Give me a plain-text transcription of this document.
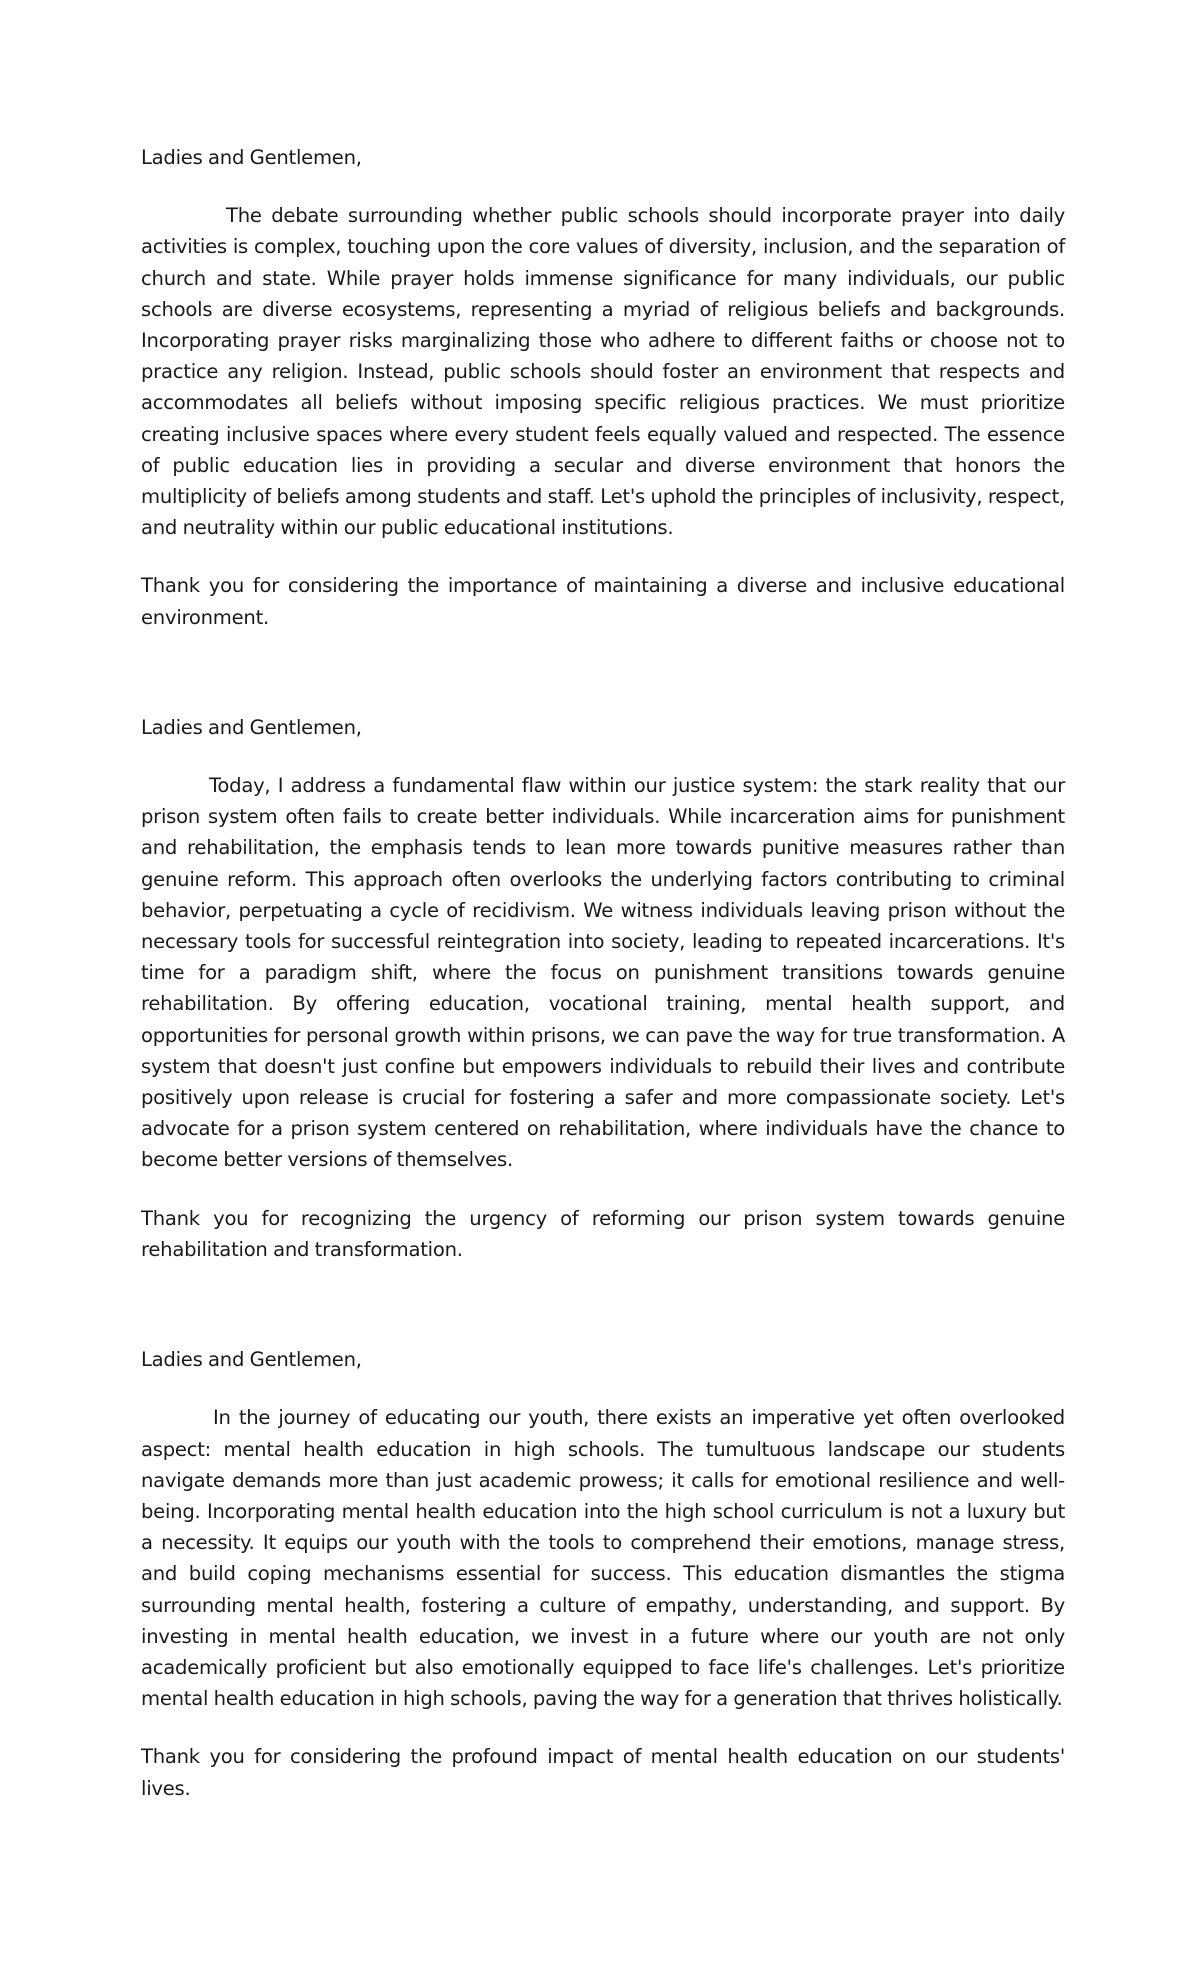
Ladies and Gentlemen,

The debate surrounding whether public schools should incorporate prayer into daily activities is complex, touching upon the core values of diversity, inclusion, and the separation of church and state. While prayer holds immense significance for many individuals, our public schools are diverse ecosystems, representing a myriad of religious beliefs and backgrounds. Incorporating prayer risks marginalizing those who adhere to different faiths or choose not to practice any religion. Instead, public schools should foster an environment that respects and accommodates all beliefs without imposing specific religious practices. We must prioritize creating inclusive spaces where every student feels equally valued and respected. The essence of public education lies in providing a secular and diverse environment that honors the multiplicity of beliefs among students and staff. Let's uphold the principles of inclusivity, respect, and neutrality within our public educational institutions.

Thank you for considering the importance of maintaining a diverse and inclusive educational environment.

Ladies and Gentlemen,

Today, I address a fundamental flaw within our justice system: the stark reality that our prison system often fails to create better individuals. While incarceration aims for punishment and rehabilitation, the emphasis tends to lean more towards punitive measures rather than genuine reform. This approach often overlooks the underlying factors contributing to criminal behavior, perpetuating a cycle of recidivism. We witness individuals leaving prison without the necessary tools for successful reintegration into society, leading to repeated incarcerations. It's time for a paradigm shift, where the focus on punishment transitions towards genuine rehabilitation. By offering education, vocational training, mental health support, and opportunities for personal growth within prisons, we can pave the way for true transformation. A system that doesn't just confine but empowers individuals to rebuild their lives and contribute positively upon release is crucial for fostering a safer and more compassionate society. Let's advocate for a prison system centered on rehabilitation, where individuals have the chance to become better versions of themselves.

Thank you for recognizing the urgency of reforming our prison system towards genuine rehabilitation and transformation.

Ladies and Gentlemen,

In the journey of educating our youth, there exists an imperative yet often overlooked aspect: mental health education in high schools. The tumultuous landscape our students navigate demands more than just academic prowess; it calls for emotional resilience and well-being. Incorporating mental health education into the high school curriculum is not a luxury but a necessity. It equips our youth with the tools to comprehend their emotions, manage stress, and build coping mechanisms essential for success. This education dismantles the stigma surrounding mental health, fostering a culture of empathy, understanding, and support. By investing in mental health education, we invest in a future where our youth are not only academically proficient but also emotionally equipped to face life's challenges. Let's prioritize mental health education in high schools, paving the way for a generation that thrives holistically.

Thank you for considering the profound impact of mental health education on our students' lives.
